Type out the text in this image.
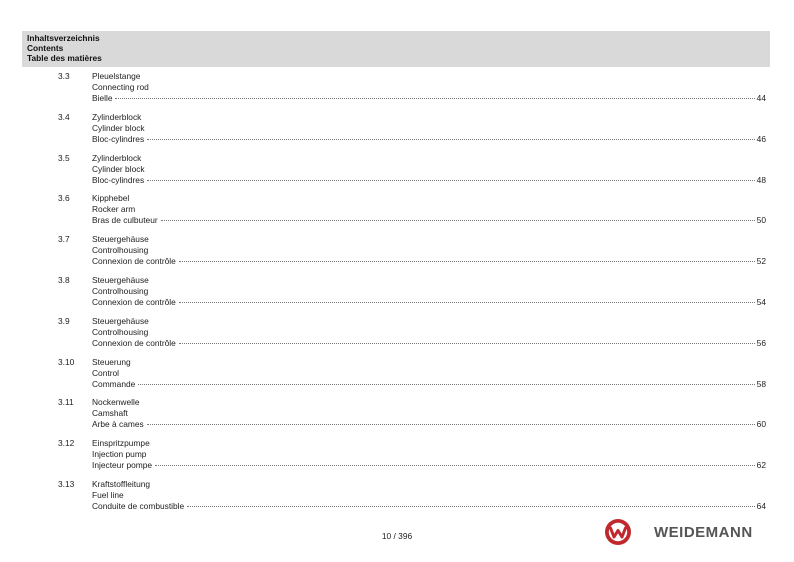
Inhaltsverzeichnis
Contents
Table des matières
3.3	Pleuelstange
Connecting rod
Bielle	44
3.4	Zylinderblock
Cylinder block
Bloc-cylindres	46
3.5	Zylinderblock
Cylinder block
Bloc-cylindres	48
3.6	Kipphebel
Rocker arm
Bras de culbuteur	50
3.7	Steuergehäuse
Controlhousing
Connexion de contrôle	52
3.8	Steuergehäuse
Controlhousing
Connexion de contrôle	54
3.9	Steuergehäuse
Controlhousing
Connexion de contrôle	56
3.10 Steuerung
Control
Commande	58
3.11 Nockenwelle
Camshaft
Arbe à cames	60
3.12 Einspritzpumpe
Injection pump
Injecteur pompe	62
3.13 Kraftstoffleitung
Fuel line
Conduite de combustible	64
10 / 396	WEIDEMANN
